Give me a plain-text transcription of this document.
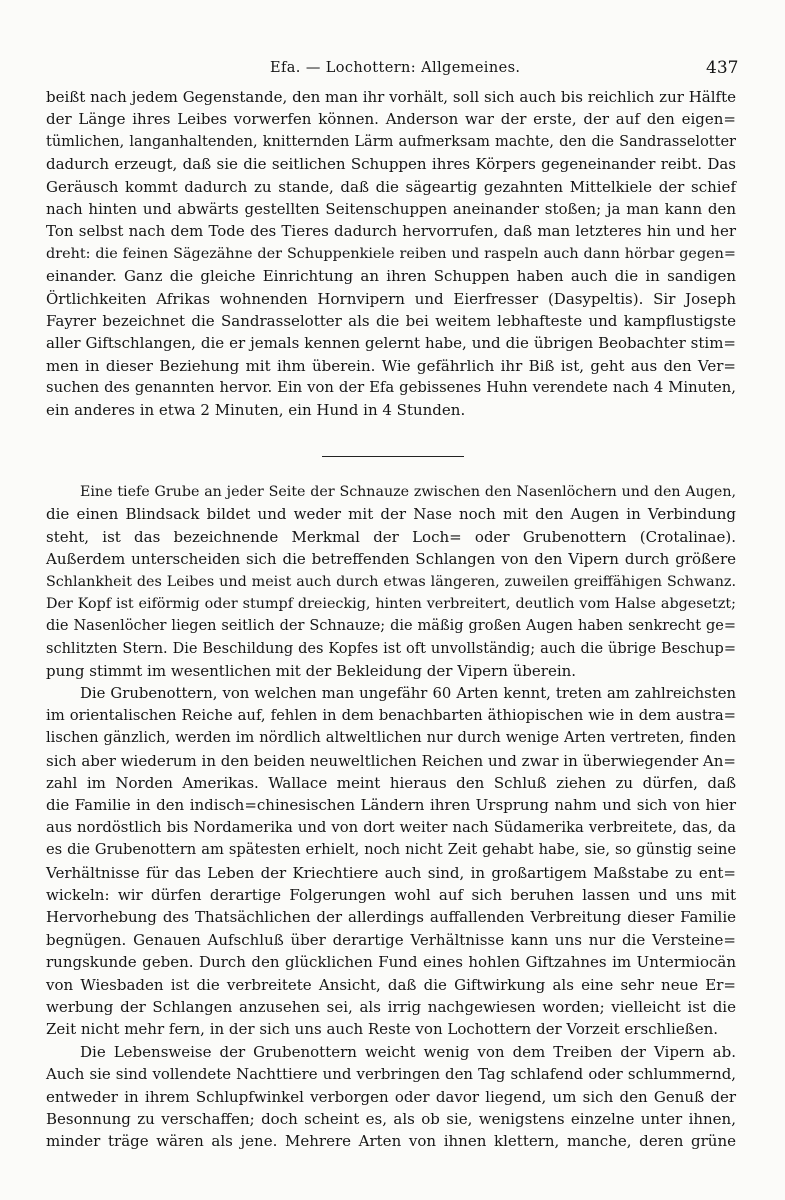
Efa. — Lochottern: Allgemeines.	437
beißt nach jedem Gegenstande, den man ihr vorhält, soll sich auch bis reichlich zur Hälfte
der Länge ihres Leibes vorwerfen können. Anderson war der erste, der auf den eigen=
tümlichen, langanhaltenden, knitternden Lärm aufmerksam machte, den die Sandrasselotter
dadurch erzeugt, daß sie die seitlichen Schuppen ihres Körpers gegeneinander reibt. Das
Geräusch kommt dadurch zu stande, daß die sägeartig gezahnten Mittelkiele der schief
nach hinten und abwärts gestellten Seitenschuppen aneinander stoßen; ja man kann den
Ton selbst nach dem Tode des Tieres dadurch hervorrufen, daß man letzteres hin und her
dreht: die feinen Sägezähne der Schuppenkiele reiben und raspeln auch dann hörbar gegen=
einander. Ganz die gleiche Einrichtung an ihren Schuppen haben auch die in sandigen
Örtlichkeiten Afrikas wohnenden Hornvipern und Eierfresser (Dasypeltis). Sir Joseph
Fayrer bezeichnet die Sandrasselotter als die bei weitem lebhafteste und kampflustigste
aller Giftschlangen, die er jemals kennen gelernt habe, und die übrigen Beobachter stim=
men in dieser Beziehung mit ihm überein. Wie gefährlich ihr Biß ist, geht aus den Ver=
suchen des genannten hervor. Ein von der Efa gebissenes Huhn verendete nach 4 Minuten,
ein anderes in etwa 2 Minuten, ein Hund in 4 Stunden.
Eine tiefe Grube an jeder Seite der Schnauze zwischen den Nasenlöchern und den Augen,
die einen Blindsack bildet und weder mit der Nase noch mit den Augen in Verbindung
steht, ist das bezeichnende Merkmal der Loch= oder Grubenottern (Crotalinae).
Außerdem unterscheiden sich die betreffenden Schlangen von den Vipern durch größere
Schlankheit des Leibes und meist auch durch etwas längeren, zuweilen greiffähigen Schwanz.
Der Kopf ist eiförmig oder stumpf dreieckig, hinten verbreitert, deutlich vom Halse abgesetzt;
die Nasenlöcher liegen seitlich der Schnauze; die mäßig großen Augen haben senkrecht ge=
schlitzten Stern. Die Beschildung des Kopfes ist oft unvollständig; auch die übrige Beschup=
pung stimmt im wesentlichen mit der Bekleidung der Vipern überein.
Die Grubenottern, von welchen man ungefähr 60 Arten kennt, treten am zahlreichsten
im orientalischen Reiche auf, fehlen in dem benachbarten äthiopischen wie in dem austra=
lischen gänzlich, werden im nördlich altweltlichen nur durch wenige Arten vertreten, finden
sich aber wiederum in den beiden neuweltlichen Reichen und zwar in überwiegender An=
zahl im Norden Amerikas. Wallace meint hieraus den Schluß ziehen zu dürfen, daß
die Familie in den indisch=chinesischen Ländern ihren Ursprung nahm und sich von hier
aus nordöstlich bis Nordamerika und von dort weiter nach Südamerika verbreitete, das, da
es die Grubenottern am spätesten erhielt, noch nicht Zeit gehabt habe, sie, so günstig seine
Verhältnisse für das Leben der Kriechtiere auch sind, in großartigem Maßstabe zu ent=
wickeln: wir dürfen derartige Folgerungen wohl auf sich beruhen lassen und uns mit
Hervorhebung des Thatsächlichen der allerdings auffallenden Verbreitung dieser Familie
begnügen. Genauen Aufschluß über derartige Verhältnisse kann uns nur die Versteine=
rungskunde geben. Durch den glücklichen Fund eines hohlen Giftzahnes im Untermiocän
von Wiesbaden ist die verbreitete Ansicht, daß die Giftwirkung als eine sehr neue Er=
werbung der Schlangen anzusehen sei, als irrig nachgewiesen worden; vielleicht ist die
Zeit nicht mehr fern, in der sich uns auch Reste von Lochottern der Vorzeit erschließen.
Die Lebensweise der Grubenottern weicht wenig von dem Treiben der Vipern ab.
Auch sie sind vollendete Nachttiere und verbringen den Tag schlafend oder schlummernd,
entweder in ihrem Schlupfwinkel verborgen oder davor liegend, um sich den Genuß der
Besonnung zu verschaffen; doch scheint es, als ob sie, wenigstens einzelne unter ihnen,
minder träge wären als jene. Mehrere Arten von ihnen klettern, manche, deren grüne
